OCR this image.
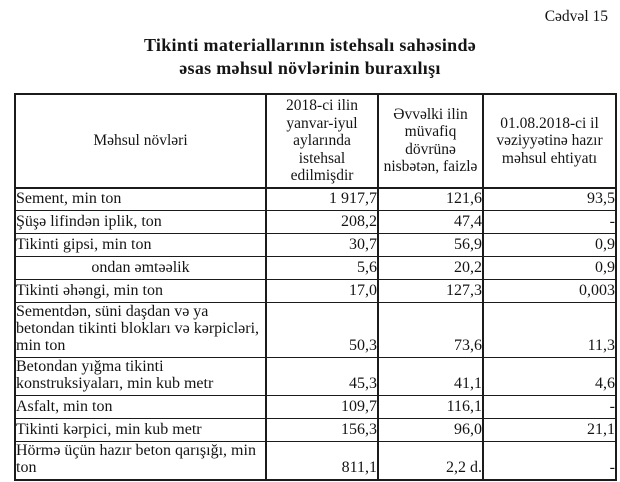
Cədvəl 15
Tikinti materiallarının istehsalı sahəsində
əsas məhsul növlərinin buraxılışı
Məhsul növləri	2018-ci ilin yanvar-iyul aylarında istehsal edilmişdir	Əvvəlki ilin müvafiq dövrünə nisbətən, faizlə	01.08.2018-ci il vəziyyətinə hazır məhsul ehtiyatı
Sement, min ton	1 917,7	121,6	93,5
Şüşə lifindən iplik, ton	208,2	47,4	-
Tikinti gipsi, min ton	30,7	56,9	0,9
ondan əmtəəlik	5,6	20,2	0,9
Tikinti əhəngi, min ton	17,0	127,3	0,003
Sementdən, süni daşdan və ya betondan tikinti blokları və kərpicləri, min ton	50,3	73,6	11,3
Betondan yığma tikinti konstruksiyaları, min kub metr	45,3	41,1	4,6
Asfalt, min ton	109,7	116,1	-
Tikinti kərpici, min kub metr	156,3	96,0	21,1
Hörmə üçün hazır beton qarışığı, min ton	811,1	2,2 d.	-
